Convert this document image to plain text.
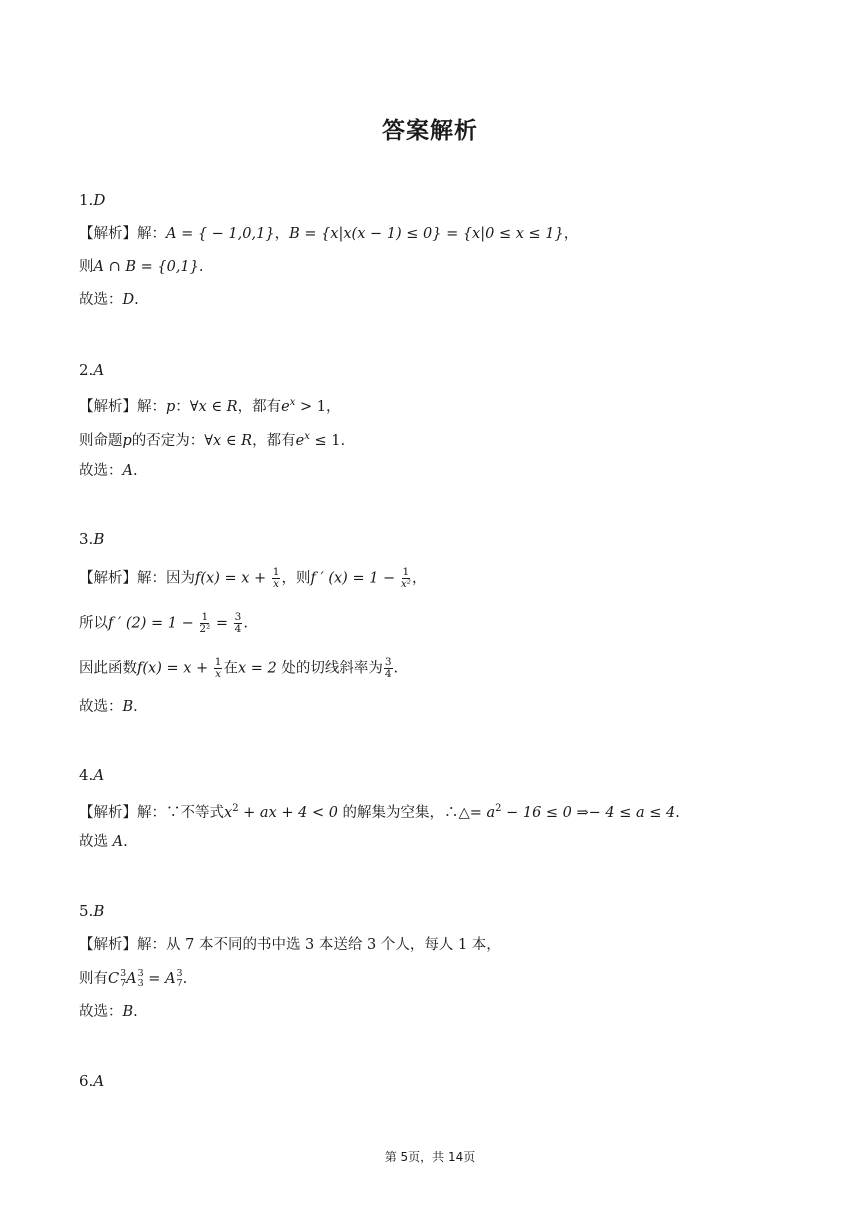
答案解析
1.D
【解析】解：A = { − 1,0,1}，B = {x|x(x − 1) ≤ 0} = {x|0 ≤ x ≤ 1}，
则A ∩ B = {0,1}.
故选：D.
2.A
【解析】解：p：∀x ∈ R，都有$e^x > 1$，
则命题p的否定为：∀x ∈ R，都有$e^x \le 1$.
故选：A.
3.B
【解析】解：因为$f(x) = x + \frac{1}{x}$ ，则f ′ $(x) = 1 - \frac{1}{\text{x²}}$ ，
所以f ′ $(2) = 1 - \frac{1}{\text{2²}} = \frac{3}{4}$ .
因此函数$f(x) = x + \frac{1}{x}$ 在x = 2 处的切线斜率为 $\frac{3}{4}$ .
故选：B.
4.A
【解析】解：∵不等式$x^2$ + ax + 4 < 0 的解集为空集，∴△= $a^2 - 16 \le 0$ ⇒− 4 ≤ a ≤ 4.
故选 A.
5.B
【解析】解：从 7 本不同的书中选 3 本送给 3 个人，每人 1 本，
则有C 3
7 A 3
3 = A 3
7 .
故选：B.
6.A
第 5页，共 14页
